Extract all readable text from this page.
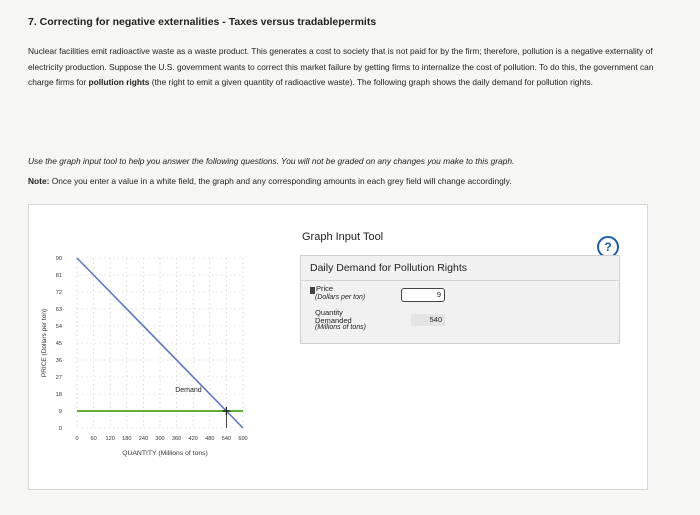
7. Correcting for negative externalities - Taxes versus tradablepermits
Nuclear facilities emit radioactive waste as a waste product. This generates a cost to society that is not paid for by the firm; therefore, pollution is a negative externality of electricity production. Suppose the U.S. government wants to correct this market failure by getting firms to internalize the cost of pollution. To do this, the government can charge firms for pollution rights (the right to emit a given quantity of radioactive waste). The following graph shows the daily demand for pollution rights.
Use the graph input tool to help you answer the following questions. You will not be graded on any changes you make to this graph.
Note: Once you enter a value in a white field, the graph and any corresponding amounts in each grey field will change accordingly.
0
9
18
27
36
45
54
63
72
81
90
0 60 120 180 240 300 360 420 480 540 600
PRICE (Dollars per ton)
QUANTITY (Millions of tons)
Demand
Graph Input Tool
?
Daily Demand for Pollution Rights
Price
(Dollars per ton)	9
Quantity
Demanded
(Millions of tons)
540
